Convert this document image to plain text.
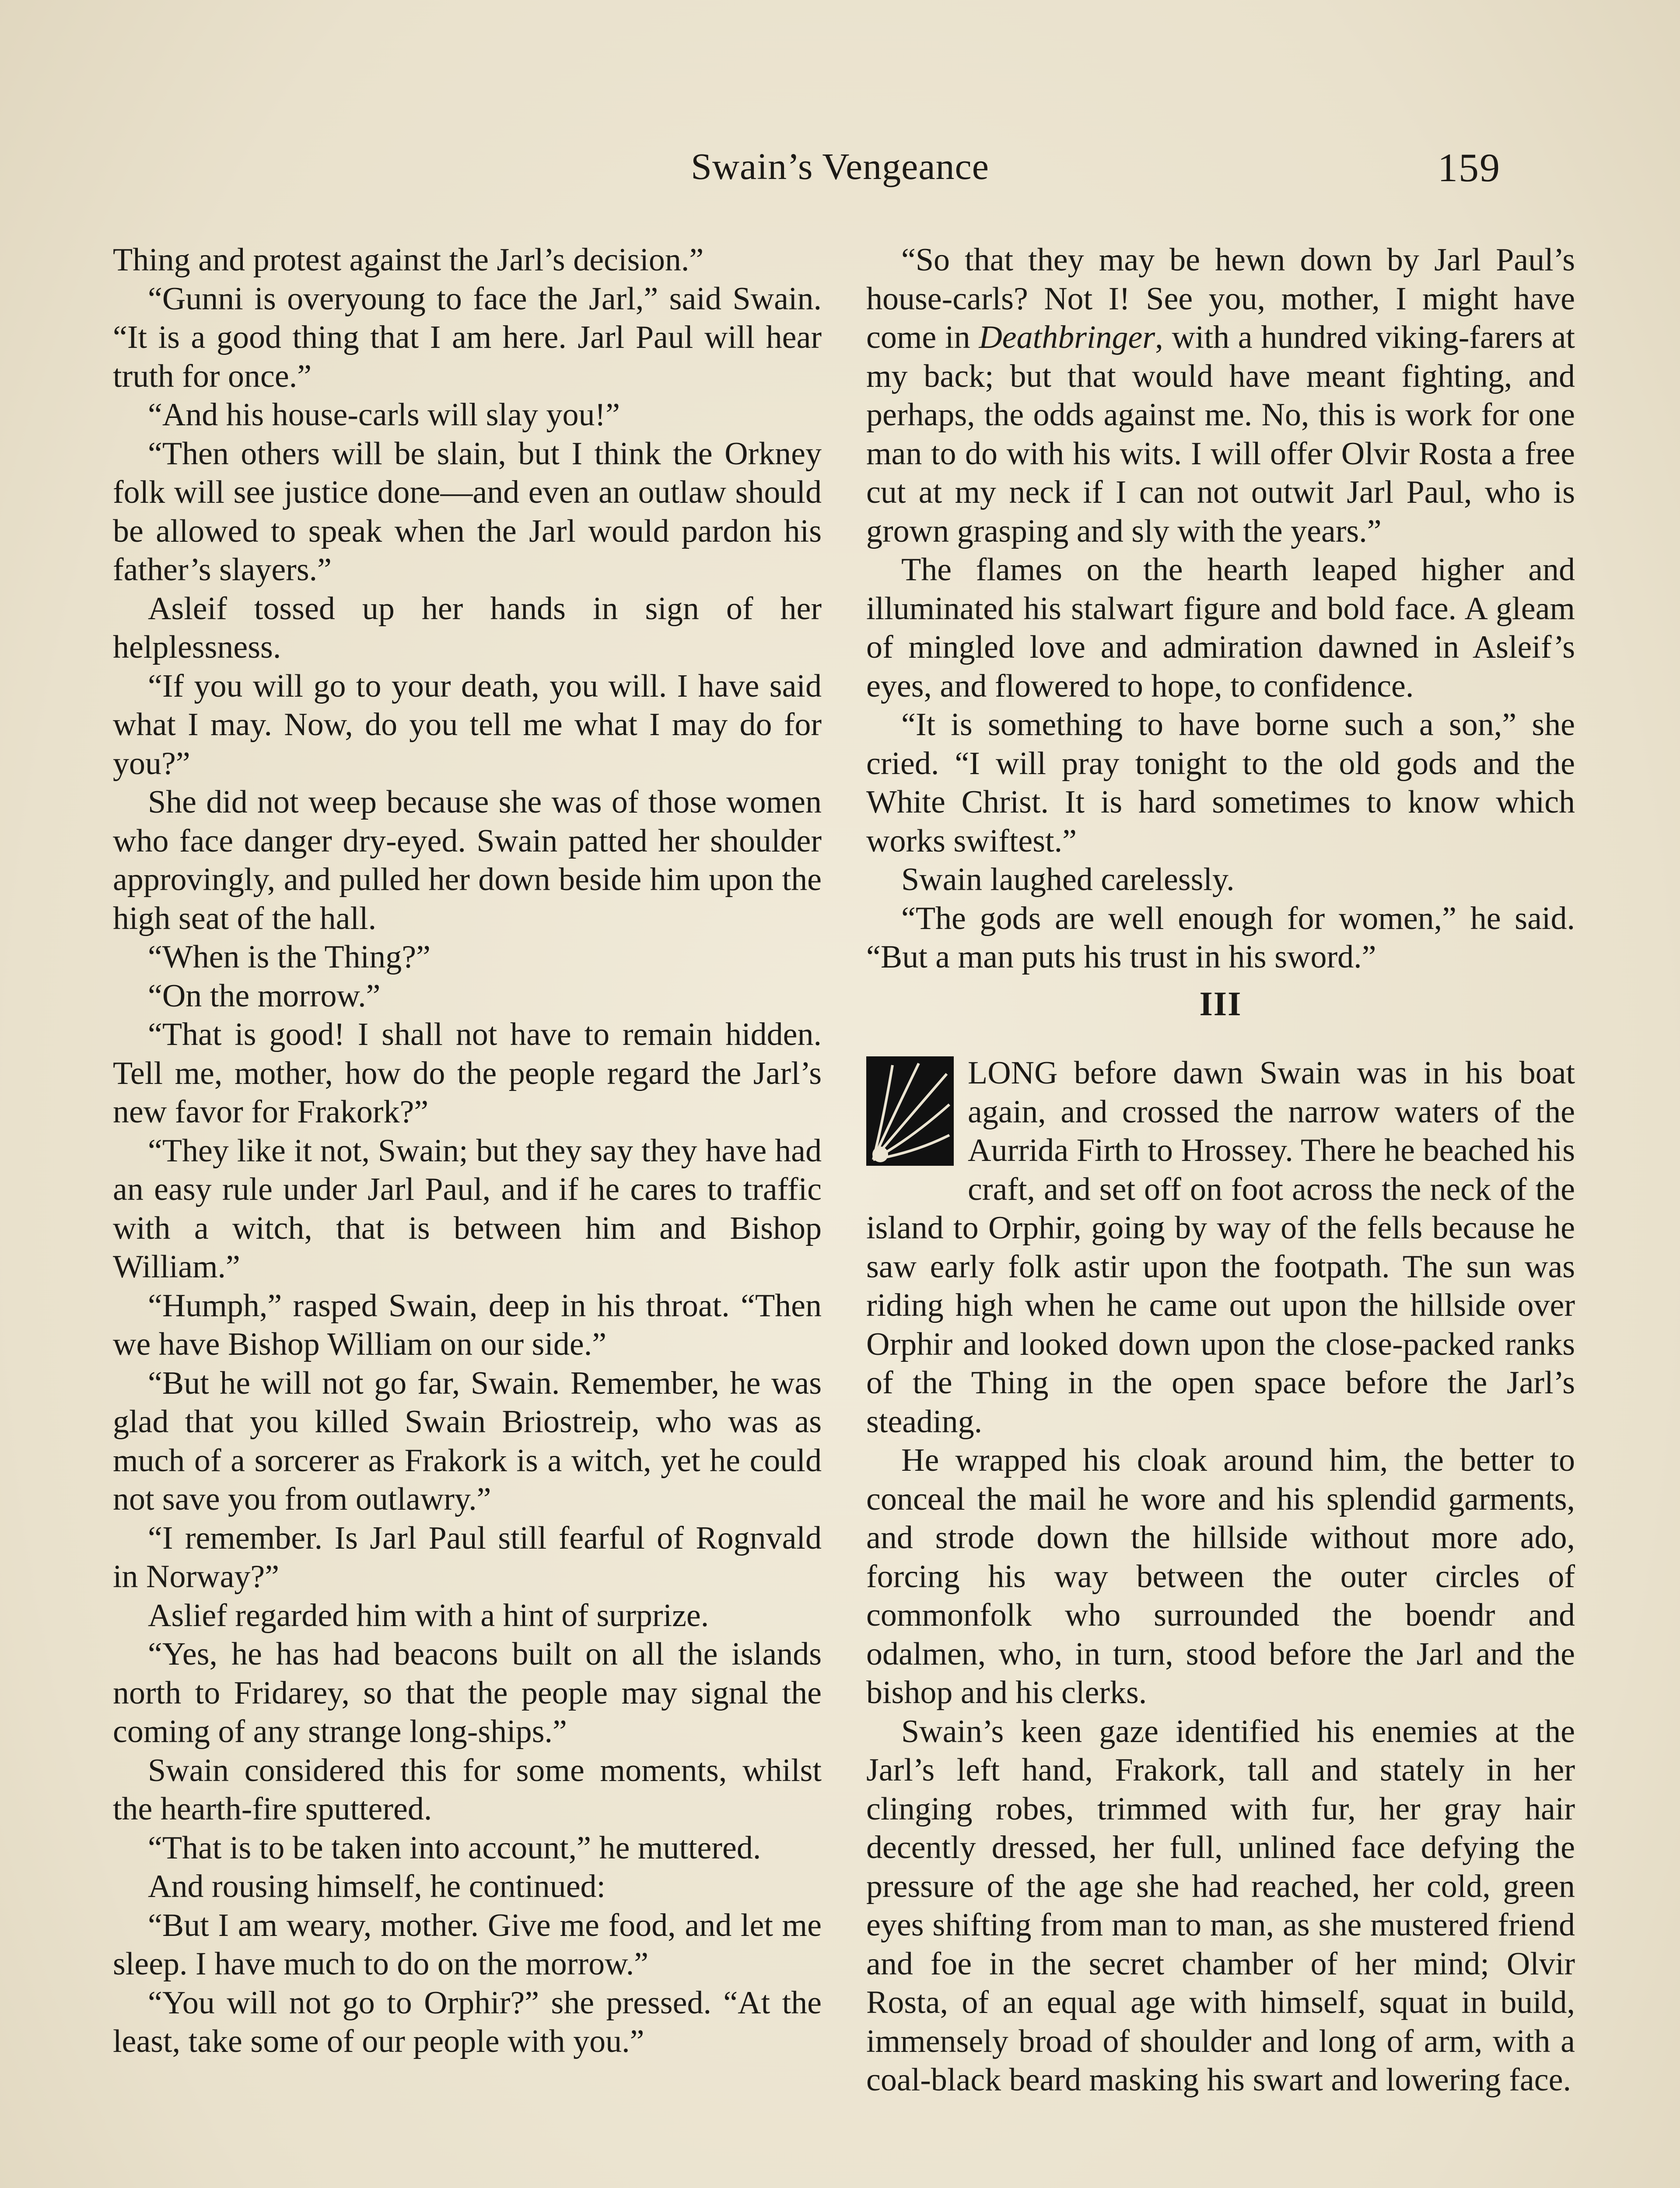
Swain’s Vengeance	159

Thing and protest against the Jarl’s decision.”

“Gunni is overyoung to face the Jarl,” said Swain. “It is a good thing that I am here. Jarl Paul will hear truth for once.”

“And his house-carls will slay you!”

“Then others will be slain, but I think the Orkney folk will see justice done—and even an outlaw should be allowed to speak when the Jarl would pardon his father’s slayers.”

Asleif tossed up her hands in sign of her helplessness.

“If you will go to your death, you will. I have said what I may. Now, do you tell me what I may do for you?”

She did not weep because she was of those women who face danger dry-eyed. Swain patted her shoulder approvingly, and pulled her down beside him upon the high seat of the hall.

“When is the Thing?”

“On the morrow.”

“That is good! I shall not have to remain hidden. Tell me, mother, how do the people regard the Jarl’s new favor for Frakork?”

“They like it not, Swain; but they say they have had an easy rule under Jarl Paul, and if he cares to traffic with a witch, that is between him and Bishop William.”

“Humph,” rasped Swain, deep in his throat. “Then we have Bishop William on our side.”

“But he will not go far, Swain. Remember, he was glad that you killed Swain Briostreip, who was as much of a sorcerer as Frakork is a witch, yet he could not save you from outlawry.”

“I remember. Is Jarl Paul still fearful of Rognvald in Norway?”

Aslief regarded him with a hint of surprize.

“Yes, he has had beacons built on all the islands north to Fridarey, so that the people may signal the coming of any strange long-ships.”

Swain considered this for some moments, whilst the hearth-fire sputtered.

“That is to be taken into account,” he muttered.

And rousing himself, he continued:

“But I am weary, mother. Give me food, and let me sleep. I have much to do on the morrow.”

“You will not go to Orphir?” she pressed. “At the least, take some of our people with you.”

“So that they may be hewn down by Jarl Paul’s house-carls? Not I! See you, mother, I might have come in Deathbringer, with a hundred viking-farers at my back; but that would have meant fighting, and perhaps, the odds against me. No, this is work for one man to do with his wits. I will offer Olvir Rosta a free cut at my neck if I can not outwit Jarl Paul, who is grown grasping and sly with the years.”

The flames on the hearth leaped higher and illuminated his stalwart figure and bold face. A gleam of mingled love and admiration dawned in Asleif’s eyes, and flowered to hope, to confidence.

“It is something to have borne such a son,” she cried. “I will pray tonight to the old gods and the White Christ. It is hard sometimes to know which works swiftest.”

Swain laughed carelessly.

“The gods are well enough for women,” he said. “But a man puts his trust in his sword.”

III

LONG before dawn Swain was in his boat again, and crossed the narrow waters of the Aurrida Firth to Hrossey. There he beached his craft, and set off on foot across the neck of the island to Orphir, going by way of the fells because he saw early folk astir upon the footpath. The sun was riding high when he came out upon the hillside over Orphir and looked down upon the close-packed ranks of the Thing in the open space before the Jarl’s steading.

He wrapped his cloak around him, the better to conceal the mail he wore and his splendid garments, and strode down the hillside without more ado, forcing his way between the outer circles of commonfolk who surrounded the boendr and odalmen, who, in turn, stood before the Jarl and the bishop and his clerks.

Swain’s keen gaze identified his enemies at the Jarl’s left hand, Frakork, tall and stately in her clinging robes, trimmed with fur, her gray hair decently dressed, her full, unlined face defying the pressure of the age she had reached, her cold, green eyes shifting from man to man, as she mustered friend and foe in the secret chamber of her mind; Olvir Rosta, of an equal age with himself, squat in build, immensely broad of shoulder and long of arm, with a coal-black beard masking his swart and lowering face.
